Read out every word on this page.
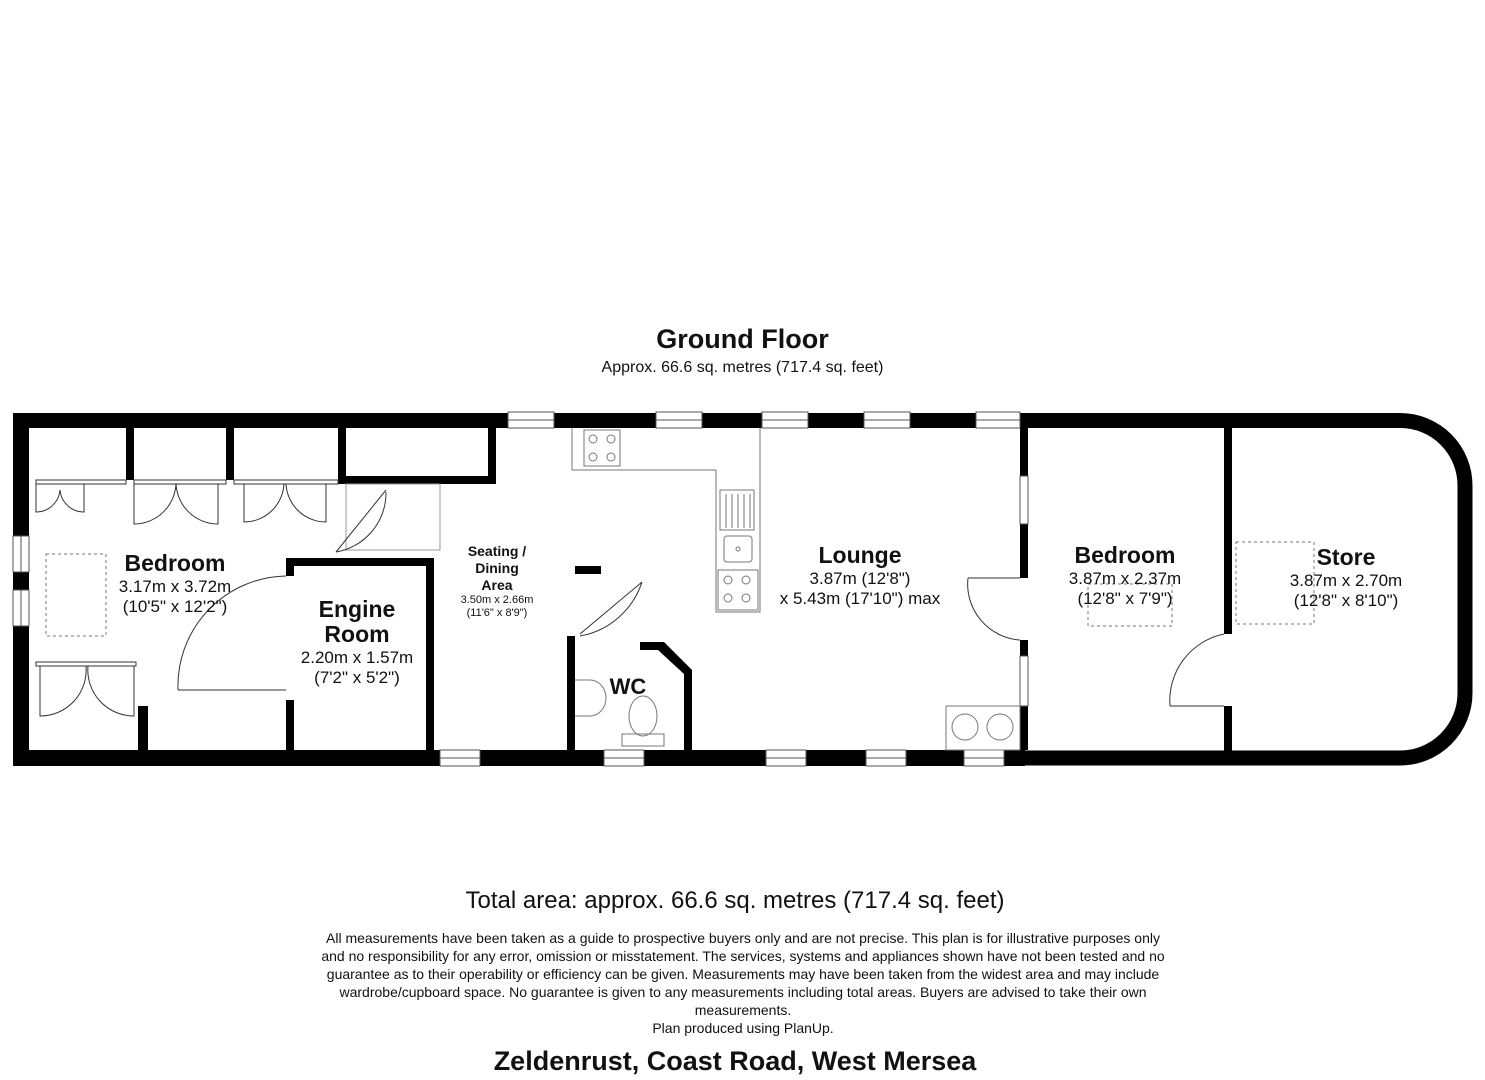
Ground Floor
Approx. 66.6 sq. metres (717.4 sq. feet)
Bedroom
3.17m x 3.72m
(10'5" x 12'2")	Engine
Room
2.20m x 1.57m
(7'2" x 5'2")
Seating /
Dining
Area
3.50m x 2.66m
(11'6" x 8'9")
WC
Lounge
3.87m (12'8")
x 5.43m (17'10") max
Bedroom
3.87m x 2.37m
(12'8" x 7'9")
Store
3.87m x 2.70m
(12'8" x 8'10")
Total area: approx. 66.6 sq. metres (717.4 sq. feet)
All measurements have been taken as a guide to prospective buyers only and are not precise. This plan is for illustrative purposes only
and no responsibility for any error, omission or misstatement. The services, systems and appliances shown have not been tested and no
guarantee as to their operability or efficiency can be given. Measurements may have been taken from the widest area and may include
wardrobe/cupboard space. No guarantee is given to any measurements including total areas. Buyers are advised to take their own
measurements.
Plan produced using PlanUp.
Zeldenrust, Coast Road, West Mersea
